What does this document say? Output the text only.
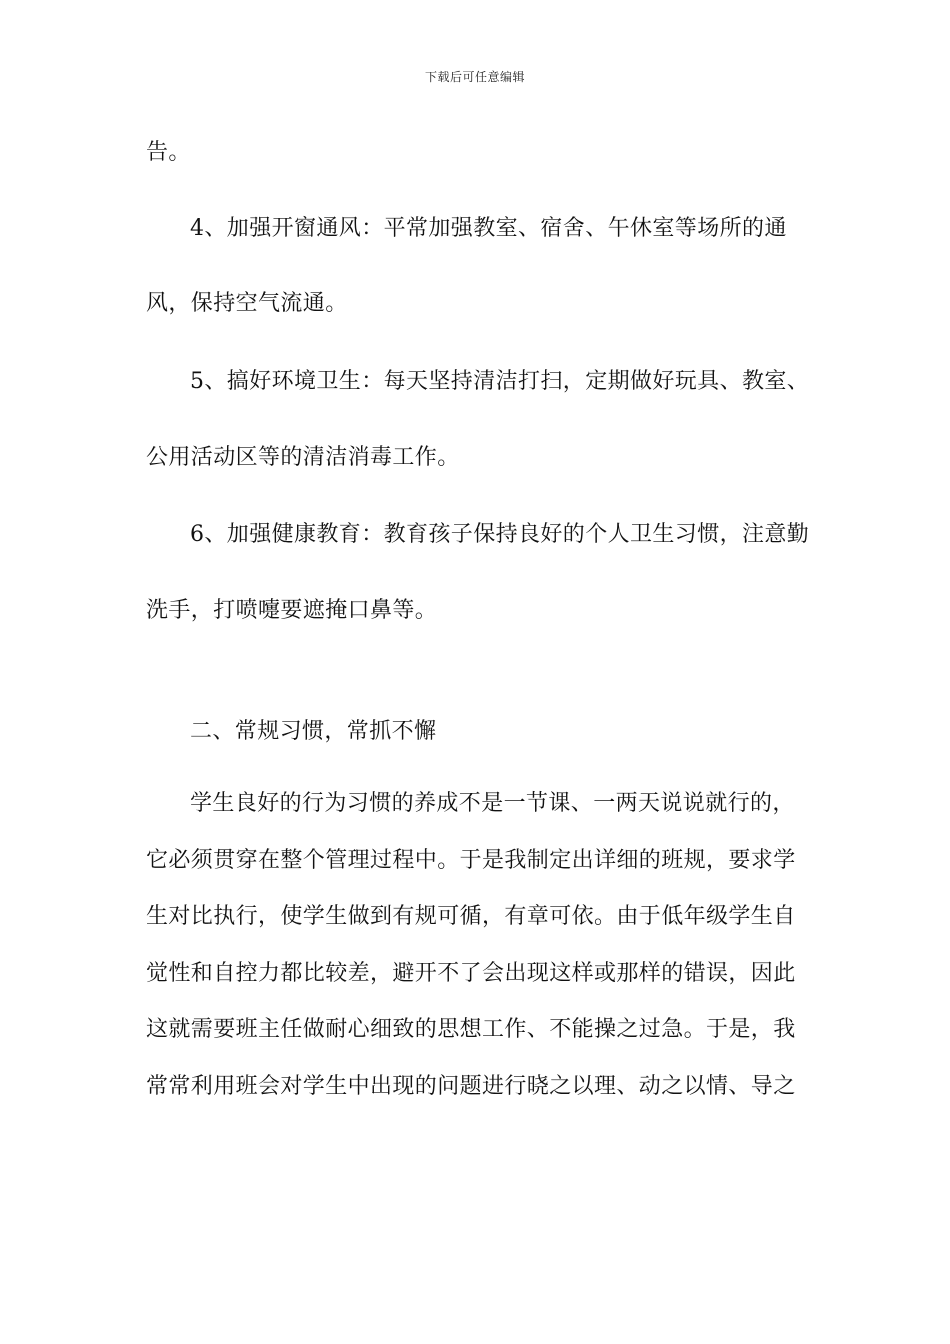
下载后可任意编辑
告。
4、加强开窗通风：平常加强教室、宿舍、午休室等场所的通
风，保持空气流通。
5、搞好环境卫生：每天坚持清洁打扫，定期做好玩具、教室、
公用活动区等的清洁消毒工作。
6、加强健康教育：教育孩子保持良好的个人卫生习惯，注意勤
洗手，打喷嚏要遮掩口鼻等。
二、常规习惯，常抓不懈
学生良好的行为习惯的养成不是一节课、一两天说说就行的，
它必须贯穿在整个管理过程中。于是我制定出详细的班规，要求学
生对比执行，使学生做到有规可循，有章可依。由于低年级学生自
觉性和自控力都比较差，避开不了会出现这样或那样的错误，因此
这就需要班主任做耐心细致的思想工作、不能操之过急。于是，我
常常利用班会对学生中出现的问题进行晓之以理、动之以情、导之
